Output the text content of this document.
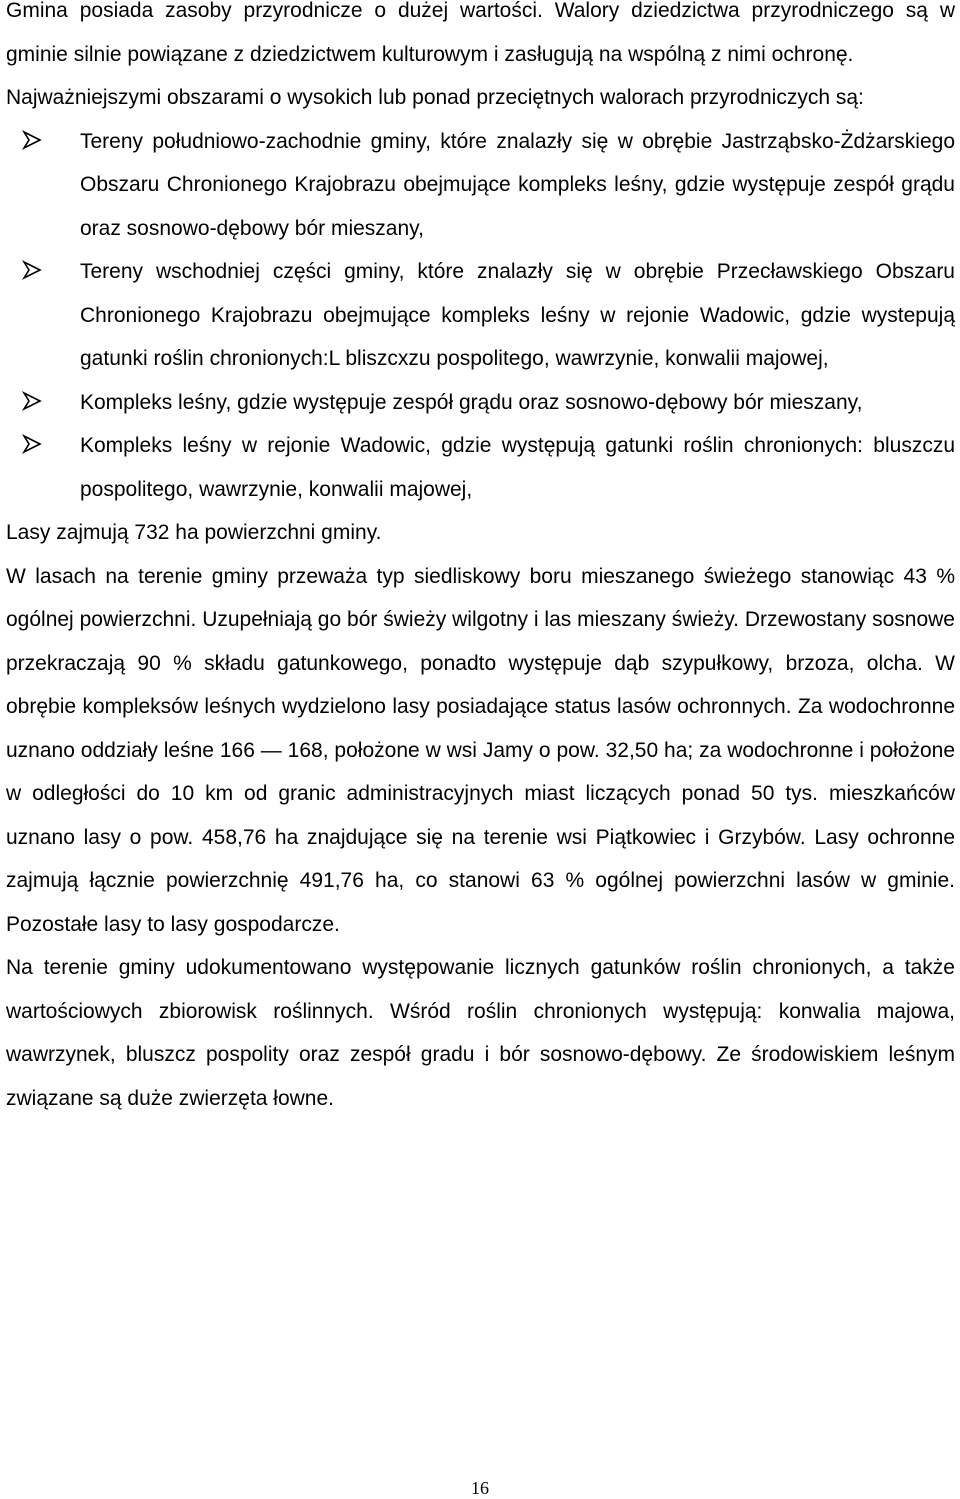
Gmina posiada zasoby przyrodnicze o dużej wartości. Walory dziedzictwa przyrodniczego są w gminie silnie powiązane z dziedzictwem kulturowym i zasługują na wspólną z nimi ochronę.

Najważniejszymi obszarami o wysokich lub ponad przeciętnych walorach przyrodniczych są:

Tereny południowo-zachodnie gminy, które znalazły się w obrębie Jastrząbsko-Żdżarskiego Obszaru Chronionego Krajobrazu obejmujące kompleks leśny, gdzie występuje zespół grądu oraz sosnowo-dębowy bór mieszany,
Tereny wschodniej części gminy, które znalazły się w obrębie Przecławskiego Obszaru Chronionego Krajobrazu obejmujące kompleks leśny w rejonie Wadowic, gdzie wystepują gatunki roślin chronionych:L bliszcxzu pospolitego, wawrzynie, konwalii majowej,
Kompleks leśny, gdzie występuje zespół grądu oraz sosnowo-dębowy bór mieszany,
Kompleks leśny w rejonie Wadowic, gdzie występują gatunki roślin chronionych: bluszczu pospolitego, wawrzynie, konwalii majowej,

Lasy zajmują 732 ha powierzchni gminy.

W lasach na terenie gminy przeważa typ siedliskowy boru mieszanego świeżego stanowiąc 43 % ogólnej powierzchni. Uzupełniają go bór świeży wilgotny i las mieszany świeży. Drzewostany sosnowe przekraczają 90 % składu gatunkowego, ponadto występuje dąb szypułkowy, brzoza, olcha. W obrębie kompleksów leśnych wydzielono lasy posiadające status lasów ochronnych. Za wodochronne uznano oddziały leśne 166 — 168, położone w wsi Jamy o pow. 32,50 ha; za wodochronne i położone w odległości do 10 km od granic administracyjnych miast liczących ponad 50 tys. mieszkańców uznano lasy o pow. 458,76 ha znajdujące się na terenie wsi Piątkowiec i Grzybów. Lasy ochronne zajmują łącznie powierzchnię 491,76 ha, co stanowi 63 % ogólnej powierzchni lasów w gminie. Pozostałe lasy to lasy gospodarcze.

Na terenie gminy udokumentowano występowanie licznych gatunków roślin chronionych, a także wartościowych zbiorowisk roślinnych. Wśród roślin chronionych występują: konwalia majowa, wawrzynek, bluszcz pospolity oraz zespół gradu i bór sosnowo-dębowy. Ze środowiskiem leśnym związane są duże zwierzęta łowne.

16
